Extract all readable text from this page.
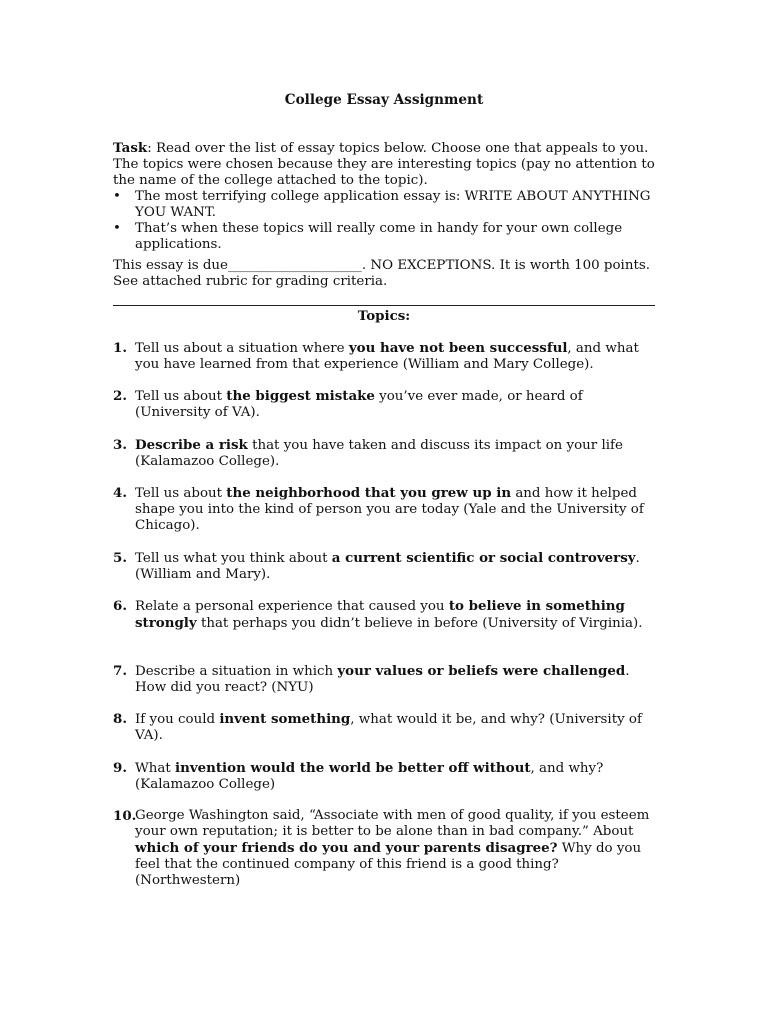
College Essay Assignment

Task: Read over the list of essay topics below. Choose one that appeals to you.

The topics were chosen because they are interesting topics (pay no attention to the name of the college attached to the topic).

•	The most terrifying college application essay is: WRITE ABOUT ANYTHING YOU WANT.
•	That’s when these topics will really come in handy for your own college applications.

This essay is due____________________. NO EXCEPTIONS. It is worth 100 points.

See attached rubric for grading criteria.

Topics:
1. Tell us about a situation where you have not been successful, and what you have learned from that experience (William and Mary College).
2. Tell us about the biggest mistake you’ve ever made, or heard of (University of VA).
3. Describe a risk that you have taken and discuss its impact on your life (Kalamazoo College).
4. Tell us about the neighborhood that you grew up in and how it helped shape you into the kind of person you are today (Yale and the University of Chicago).
5. Tell us what you think about a current scientific or social controversy. (William and Mary).
6. Relate a personal experience that caused you to believe in something strongly that perhaps you didn’t believe in before (University of Virginia).
7. Describe a situation in which your values or beliefs were challenged. How did you react? (NYU)
8. If you could invent something, what would it be, and why? (University of VA).
9. What invention would the world be better off without, and why? (Kalamazoo College)
10.
George Washington said, “Associate with men of good quality, if you esteem your own reputation; it is better to be alone than in bad company.” About which of your friends do you and your parents disagree? Why do you feel that the continued company of this friend is a good thing? (Northwestern)
